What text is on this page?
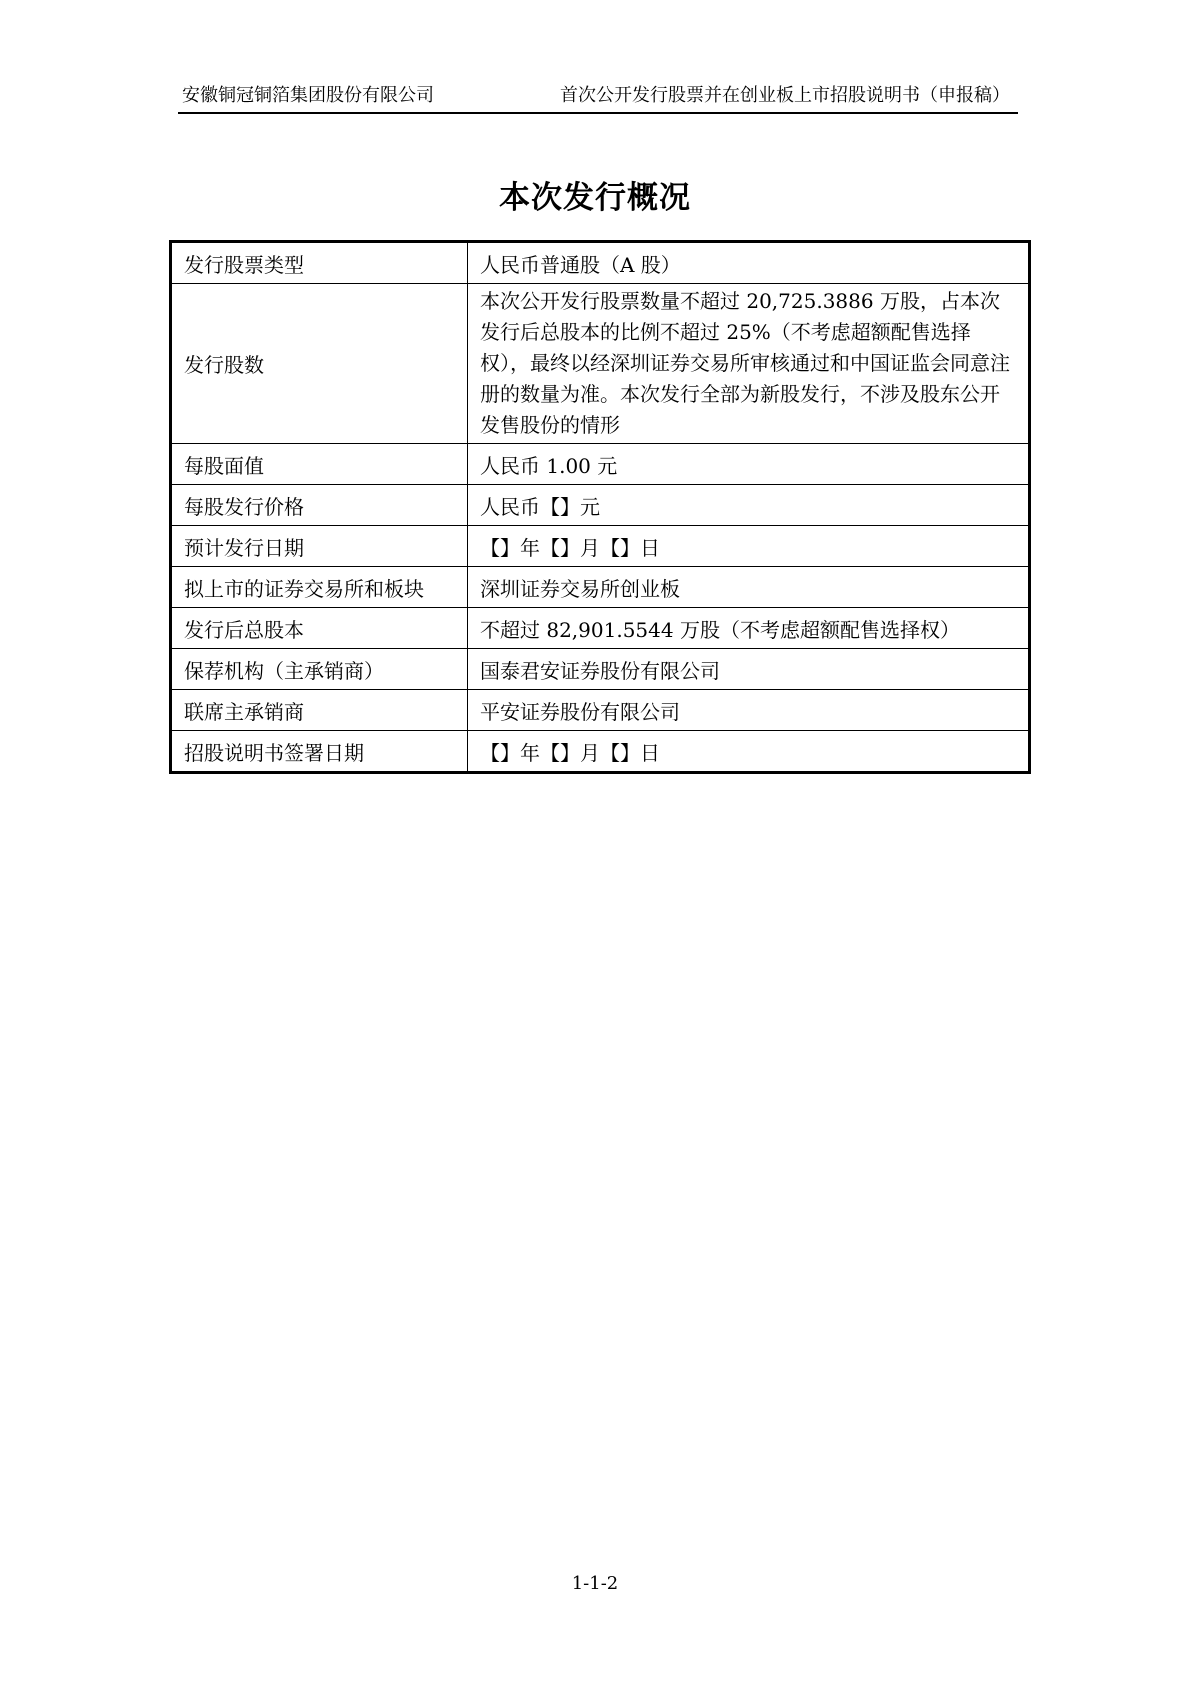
安徽铜冠铜箔集团股份有限公司	首次公开发行股票并在创业板上市招股说明书（申报稿）
本次发行概况
发行股票类型	人民币普通股（A 股）
发行股数	本次公开发行股票数量不超过 20,725.3886 万股，占本次发行后总股本的比例不超过 25%（不考虑超额配售选择权），最终以经深圳证券交易所审核通过和中国证监会同意注册的数量为准。本次发行全部为新股发行，不涉及股东公开发售股份的情形
每股面值	人民币 1.00 元
每股发行价格	人民币【】元
预计发行日期	【】年【】月【】日
拟上市的证券交易所和板块	深圳证券交易所创业板
发行后总股本	不超过 82,901.5544 万股（不考虑超额配售选择权）
保荐机构（主承销商）	国泰君安证券股份有限公司
联席主承销商	平安证券股份有限公司
招股说明书签署日期	【】年【】月【】日
1-1-2
